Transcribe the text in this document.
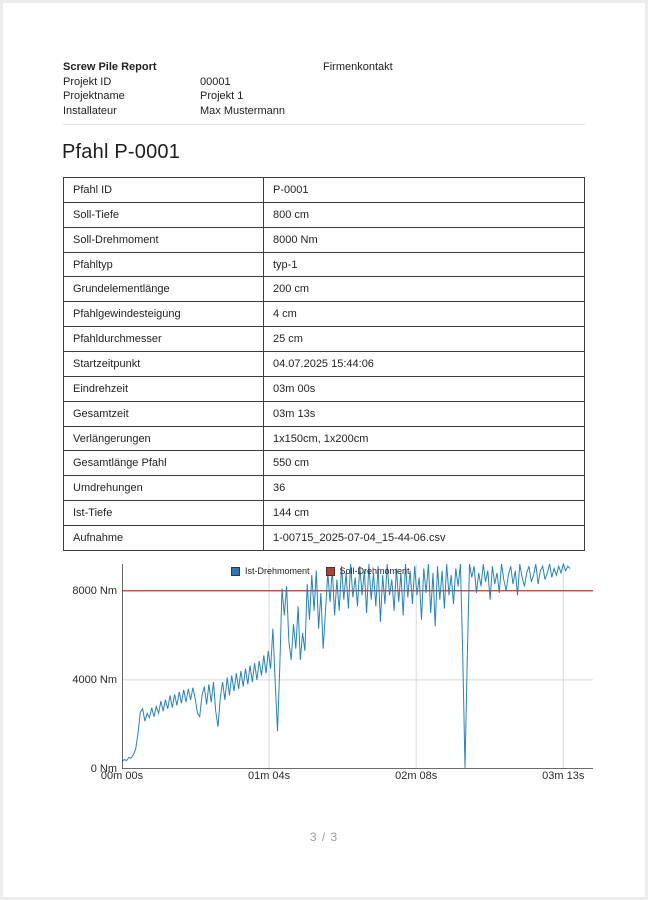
Screw Pile Report	Firmenkontakt
Projekt ID	00001
Projektname	Projekt 1
Installateur	Max Mustermann
Pfahl P-0001
Pfahl ID	P-0001
Soll-Tiefe	800 cm
Soll-Drehmoment	8000 Nm
Pfahltyp	typ-1
Grundelementlänge	200 cm
Pfahlgewindesteigung	4 cm
Pfahldurchmesser	25 cm
Startzeitpunkt	04.07.2025 15:44:06
Eindrehzeit	03m 00s
Gesamtzeit	03m 13s
Verlängerungen	1x150cm, 1x200cm
Gesamtlänge Pfahl	550 cm
Umdrehungen	36
Ist-Tiefe	144 cm
Aufnahme	1-00715_2025-07-04_15-44-06.csv
Ist-Drehmoment	Soll-Drehmoment
0 Nm
4000 Nm
8000 Nm
00m 00s	01m 04s	02m 08s	03m 13s
3 / 3
